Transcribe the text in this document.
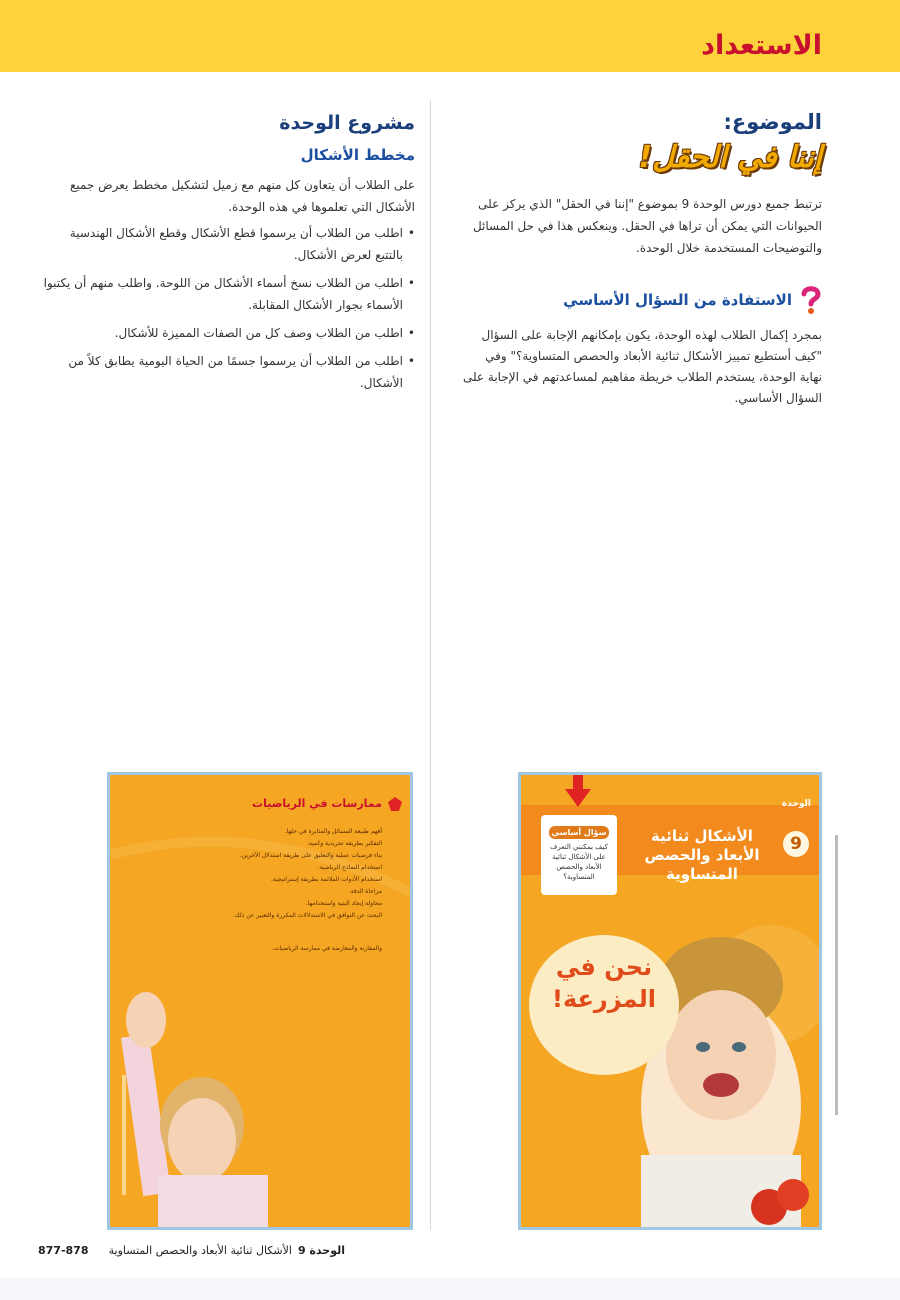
الاستعداد
الموضوع:
إننا في الحقل!

ترتبط جميع دورس الوحدة 9 بموضوع "إننا في الحقل" الذي يركز على الحيوانات التي يمكن أن تراها في الحقل. وينعكس هذا في حل المسائل والتوضيحات المستخدمة خلال الوحدة.

الاستفادة من السؤال الأساسي

بمجرد إكمال الطلاب لهذه الوحدة، يكون بإمكانهم الإجابة على السؤال "كيف أستطيع تمييز الأشكال ثنائية الأبعاد والحصص المتساوية؟" وفي نهاية الوحدة، يستخدم الطلاب خريطة مفاهيم لمساعدتهم في الإجابة على السؤال الأساسي.

مشروع الوحدة
مخطط الأشكال

على الطلاب أن يتعاون كل منهم مع زميل لتشكيل مخطط يعرض جميع الأشكال التي تعلموها في هذه الوحدة.

• اطلب من الطلاب أن يرسموا قطع الأشكال وقطع الأشكال الهندسية بالتتبع لعرض الأشكال.
• اطلب من الطلاب نسخ أسماء الأشكال من اللوحة. واطلب منهم أن يكتبوا الأسماء بجوار الأشكال المقابلة.
• اطلب من الطلاب وصف كل من الصفات المميزة للأشكال.
• اطلب من الطلاب أن يرسموا جسمًا من الحياة اليومية يطابق كلاً من الأشكال.
الوحدة
9
الأشكال ثنائية الأبعاد والحصص المتساوية
سؤال أساسي
كيف يمكنني التعرف على الأشكال ثنائية الأبعاد والحصص المتساوية؟
نحن في المزرعة!
ممارسات في الرياضيات
أفهم طبيعة المسائل والمثابرة في حلها.
التفكير بطريقة تجريدية وكمية.
بناء فرضيات عملية والتعليق على طريقة استدلال الآخرين.
استخدام النماذج الرياضية.
استخدام الأدوات الملائمة بطريقة إستراتيجية.
مراعاة الدقة.
محاولة إيجاد البنية واستخدامها.
البحث عن التوافق في الاستدلالات المكررة والتعبير عن ذلك.
والمقارنة والمعارضة في ممارسة الرياضيات.
الوحدة 9
الأشكال ثنائية الأبعاد والحصص المتساوية
877-878
